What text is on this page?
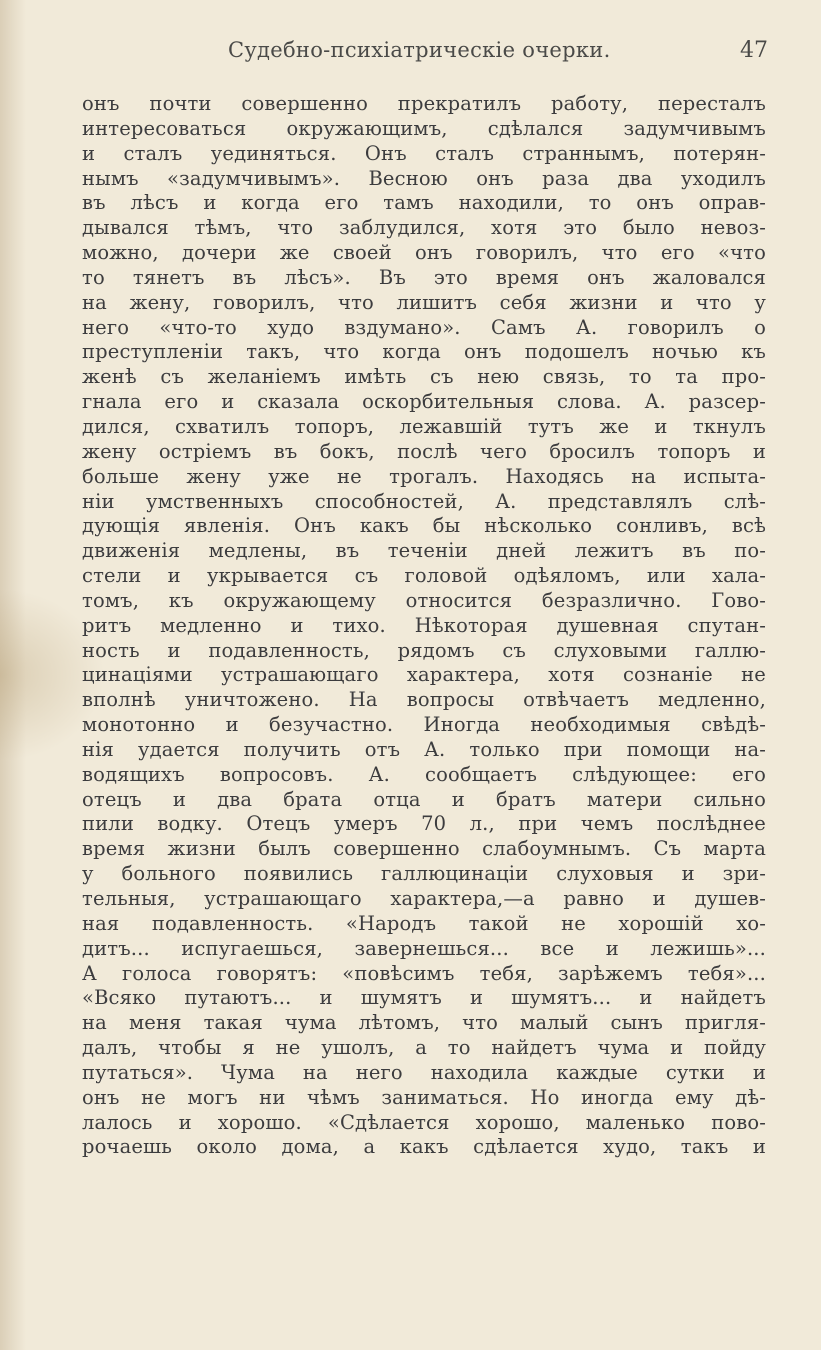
Судебно-психіатрическіе очерки.	47
онъ почти совершенно прекратилъ работу, пересталъ
интересоваться окружающимъ, сдѣлался задумчивымъ
и сталъ уединяться. Онъ сталъ страннымъ, потерян-
нымъ «задумчивымъ». Весною онъ раза два уходилъ
въ лѣсъ и когда его тамъ находили, то онъ оправ-
дывался тѣмъ, что заблудился, хотя это было невоз-
можно, дочери же своей онъ говорилъ, что его «что
то тянетъ въ лѣсъ». Въ это время онъ жаловался
на жену, говорилъ, что лишитъ себя жизни и что у
него «что-то худо вздумано». Самъ А. говорилъ о
преступленіи такъ, что когда онъ подошелъ ночью къ
женѣ съ желаніемъ имѣть съ нею связь, то та про-
гнала его и сказала оскорбительныя слова. А. разсер-
дился, схватилъ топоръ, лежавшій тутъ же и ткнулъ
жену остріемъ въ бокъ, послѣ чего бросилъ топоръ и
больше жену уже не трогалъ. Находясь на испыта-
ніи умственныхъ способностей, А. представлялъ слѣ-
дующія явленія. Онъ какъ бы нѣсколько сонливъ, всѣ
движенія медлены, въ теченіи дней лежитъ въ по-
стели и укрывается съ головой одѣяломъ, или хала-
томъ, къ окружающему относится безразлично. Гово-
ритъ медленно и тихо. Нѣкоторая душевная спутан-
ность и подавленность, рядомъ съ слуховыми галлю-
цинаціями устрашающаго характера, хотя сознаніе не
вполнѣ уничтожено. На вопросы отвѣчаетъ медленно,
монотонно и безучастно. Иногда необходимыя свѣдѣ-
нія удается получить отъ А. только при помощи на-
водящихъ вопросовъ. А. сообщаетъ слѣдующее: его
отецъ и два брата отца и братъ матери сильно
пили водку. Отецъ умеръ 70 л., при чемъ послѣднее
время жизни былъ совершенно слабоумнымъ. Съ марта
у больного появились галлюцинаціи слуховыя и зри-
тельныя, устрашающаго характера,—а равно и душев-
ная подавленность. «Народъ такой не хорошій хо-
дитъ... испугаешься, завернешься... все и лежишь»...
А голоса говорятъ: «повѣсимъ тебя, зарѣжемъ тебя»...
«Всяко путаютъ... и шумятъ и шумятъ... и найдетъ
на меня такая чума лѣтомъ, что малый сынъ пригля-
далъ, чтобы я не ушолъ, а то найдетъ чума и пойду
путаться». Чума на него находила каждые сутки и
онъ не могъ ни чѣмъ заниматься. Но иногда ему дѣ-
лалось и хорошо. «Сдѣлается хорошо, маленько пово-
рочаешь около дома, а какъ сдѣлается худо, такъ и
